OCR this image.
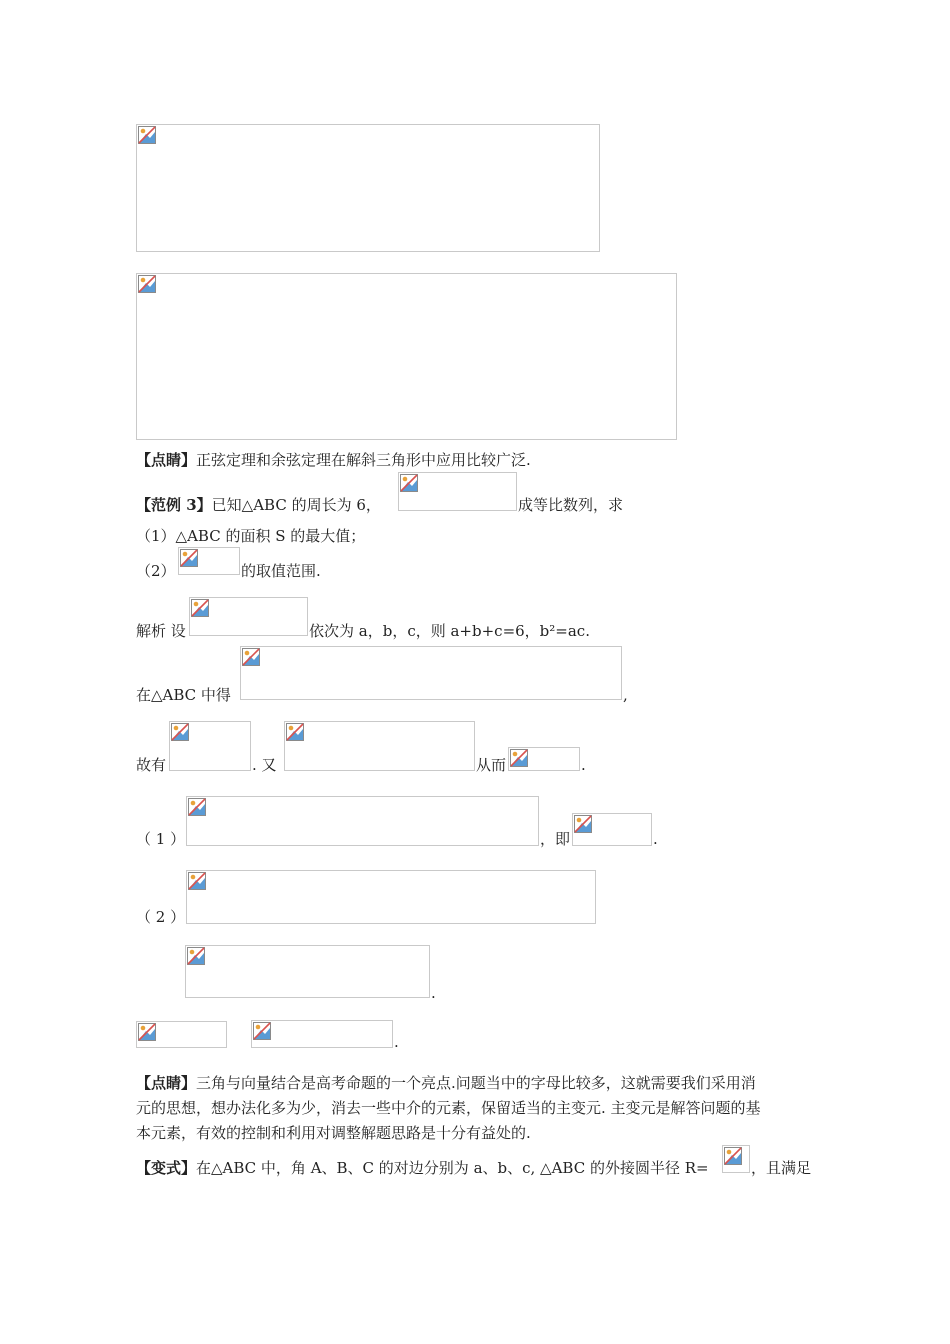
【点睛】正弦定理和余弦定理在解斜三角形中应用比较广泛.
【范例 3】已知△ABC 的周长为 6，	成等比数列，求
（1）△ABC 的面积 S 的最大值；
（2）	的取值范围.
解析 设	依次为 a，b，c，则 a+b+c=6，b²=ac.
在△ABC 中得	,
故有	. 又	从而	.
（ 1 ）	，即	.
（ 2 ）
.
.
【点睛】三角与向量结合是高考命题的一个亮点.问题当中的字母比较多，这就需要我们采用消
元的思想，想办法化多为少，消去一些中介的元素，保留适当的主变元. 主变元是解答问题的基
本元素，有效的控制和利用对调整解题思路是十分有益处的.
【变式】在△ABC 中，角 A、B、C 的对边分别为 a、b、c, △ABC 的外接圆半径 R=	，且满足
